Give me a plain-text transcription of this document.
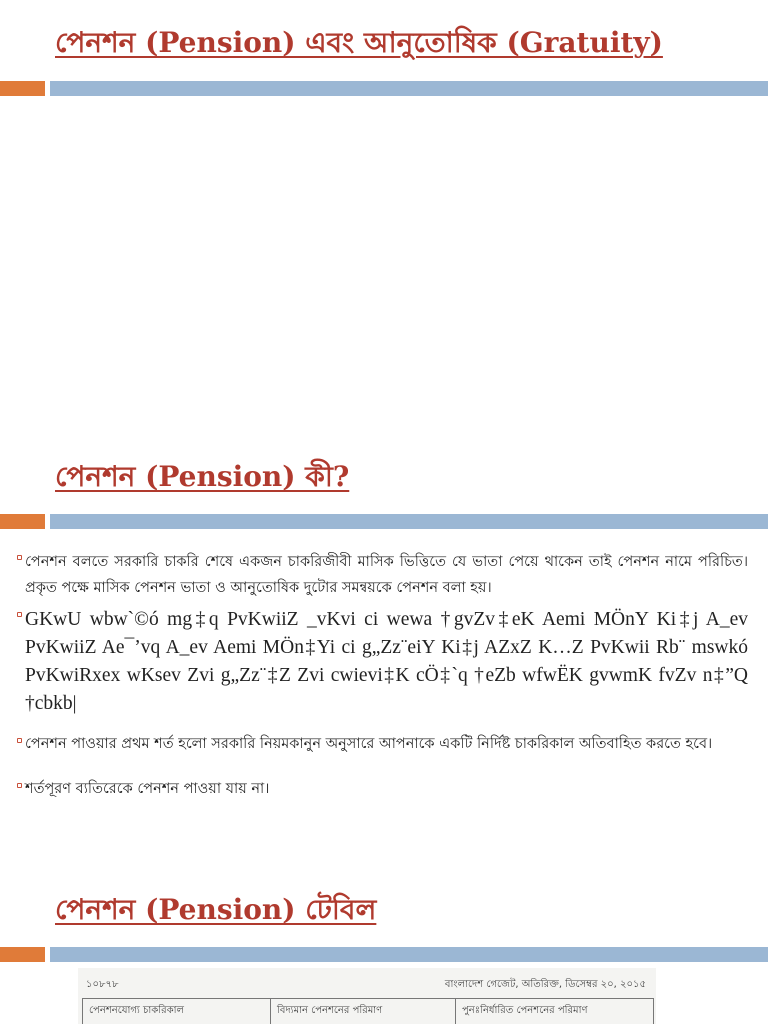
পেনশন (Pension) এবং আনুতোষিক (Gratuity)
পেনশন (Pension) কী?
পেনশন বলতে সরকারি চাকরি শেষে একজন চাকরিজীবী মাসিক ভিত্তিতে যে ভাতা পেয়ে থাকেন তাই পেনশন নামে পরিচিত। প্রকৃত পক্ষে মাসিক পেনশন ভাতা ও আনুতোষিক দুটোর সমন্বয়কে পেনশন বলা হয়।
GKwU wbw`©ó mg‡q PvKwiiZ _vKvi ci wewa †gvZv‡eK Aemi MÖnY Ki‡j A_ev PvKwiiZ Ae¯’vq A_ev Aemi MÖn‡Yi ci g„Zz¨eiY Ki‡j AZxZ K…Z PvKwii Rb¨ mswkó PvKwiRxex wKsev Zvi g„Zz¨‡Z Zvi cwievi‡K cÖ‡`q †eZb wfwËK gvwmK fvZv n‡”Q †cbkb|
পেনশন পাওয়ার প্রথম শর্ত হলো সরকারি নিয়মকানুন অনুসারে আপনাকে একটি নির্দিষ্ট চাকরিকাল অতিবাহিত করতে হবে।
শর্তপূরণ ব্যতিরেকে পেনশন পাওয়া যায় না।
পেনশন (Pension) টেবিল
১০৮৭৮	বাংলাদেশ গেজেট, অতিরিক্ত, ডিসেম্বর ২০, ২০১৫
পেনশনযোগ্য চাকরিকাল	বিদ্যমান পেনশনের পরিমাণ	পুনঃনির্ধারিত পেনশনের পরিমাণ
